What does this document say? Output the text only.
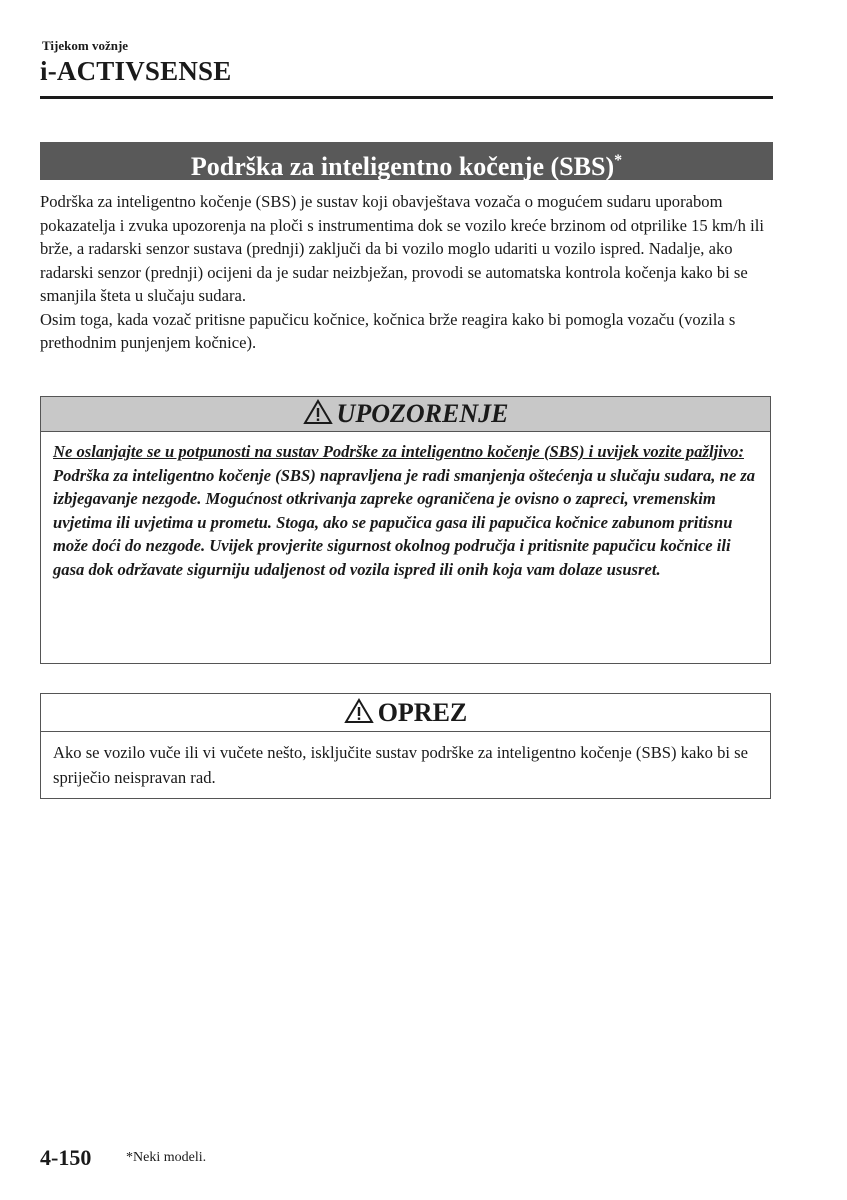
Tijekom vožnje
i-ACTIVSENSE
Podrška za inteligentno kočenje (SBS)*

Podrška za inteligentno kočenje (SBS) je sustav koji obavještava vozača o mogućem sudaru uporabom pokazatelja i zvuka upozorenja na ploči s instrumentima dok se vozilo kreće brzinom od otprilike 15 km/h ili brže, a radarski senzor sustava (prednji) zaključi da bi vozilo moglo udariti u vozilo ispred. Nadalje, ako radarski senzor (prednji) ocijeni da je sudar neizbježan, provodi se automatska kontrola kočenja kako bi se smanjila šteta u slučaju sudara.

Osim toga, kada vozač pritisne papučicu kočnice, kočnica brže reagira kako bi pomogla vozaču (vozila s prethodnim punjenjem kočnice).

UPOZORENJE

Ne oslanjajte se u potpunosti na sustav Podrške za inteligentno kočenje (SBS) i uvijek vozite pažljivo:

Podrška za inteligentno kočenje (SBS) napravljena je radi smanjenja oštećenja u slučaju sudara, ne za izbjegavanje nezgode. Mogućnost otkrivanja zapreke ograničena je ovisno o zapreci, vremenskim uvjetima ili uvjetima u prometu. Stoga, ako se papučica gasa ili papučica kočnice zabunom pritisnu može doći do nezgode. Uvijek provjerite sigurnost okolnog područja i pritisnite papučicu kočnice ili gasa dok održavate sigurniju udaljenost od vozila ispred ili onih koja vam dolaze ususret.

OPREZ

Ako se vozilo vuče ili vi vučete nešto, isključite sustav podrške za inteligentno kočenje (SBS) kako bi se spriječio neispravan rad.

4-150 *Neki modeli.
